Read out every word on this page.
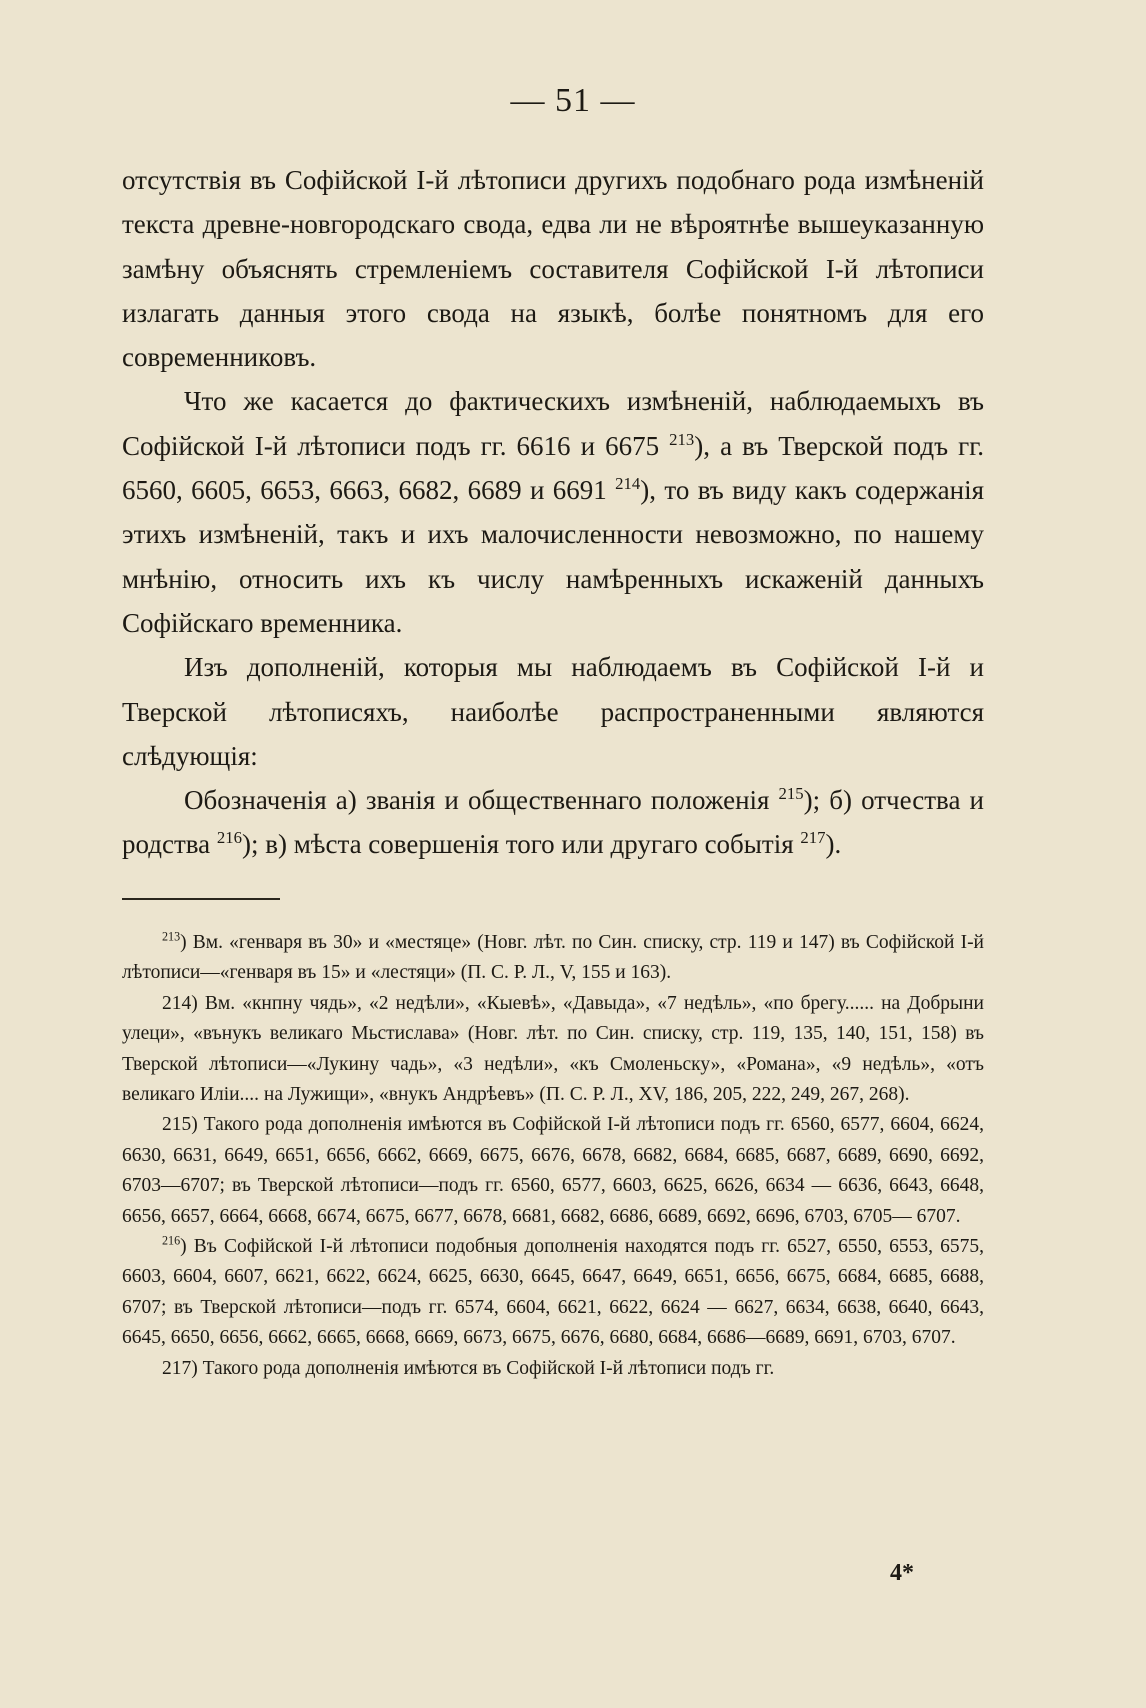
— 51 —

отсутствія въ Софійской І-й лѣтописи другихъ подобнаго рода измѣненій текста древне-новгородскаго свода, едва ли не вѣроятнѣе вышеуказанную замѣну объяснять стремленіемъ составителя Софійской І-й лѣтописи излагать данныя этого свода на языкѣ, болѣе понятномъ для его современниковъ.

Что же касается до фактическихъ измѣненій, наблюдаемыхъ въ Софійской І-й лѣтописи подъ гг. 6616 и 6675 $^{213}$), а въ Тверской подъ гг. 6560, 6605, 6653, 6663, 6682, 6689 и 6691 $^{214}$), то въ виду какъ содержанія этихъ измѣненій, такъ и ихъ малочисленности невозможно, по нашему мнѣнію, относить ихъ къ числу намѣренныхъ искаженій данныхъ Софійскаго временника.

Изъ дополненій, которыя мы наблюдаемъ въ Софійской І-й и Тверской лѣтописяхъ, наиболѣе распространенными являются слѣдующія:

Обозначенія а) званія и общественнаго положенія $^{215}$); б) отчества и родства $^{216}$); в) мѣста совершенія того или другаго событія $^{217}$).

$^{213}$) Вм. «генваря въ 30» и «местяце» (Новг. лѣт. по Син. списку, стр. 119 и 147) въ Софійской І-й лѣтописи—«генваря въ 15» и «лестяци» (П. С. Р. Л., V, 155 и 163).

214) Вм. «кнпну чядь», «2 недѣли», «Кыевѣ», «Давыда», «7 недѣль», «по брегу...... на Добрыни улеци», «вънукъ великаго Мьстислава» (Новг. лѣт. по Син. списку, стр. 119, 135, 140, 151, 158) въ Тверской лѣтописи—«Лукину чадь», «3 недѣли», «къ Смоленьску», «Романа», «9 недѣль», «отъ великаго Иліи.... на Лужищи», «внукъ Андрѣевъ» (П. С. Р. Л., XV, 186, 205, 222, 249, 267, 268).

215) Такого рода дополненія имѣются въ Софійской І-й лѣтописи подъ гг. 6560, 6577, 6604, 6624, 6630, 6631, 6649, 6651, 6656, 6662, 6669, 6675, 6676, 6678, 6682, 6684, 6685, 6687, 6689, 6690, 6692, 6703—6707; въ Тверской лѣтописи—подъ гг. 6560, 6577, 6603, 6625, 6626, 6634 — 6636, 6643, 6648, 6656, 6657, 6664, 6668, 6674, 6675, 6677, 6678, 6681, 6682, 6686, 6689, 6692, 6696, 6703, 6705— 6707.

$^{216}$) Въ Софійской І-й лѣтописи подобныя дополненія находятся подъ гг. 6527, 6550, 6553, 6575, 6603, 6604, 6607, 6621, 6622, 6624, 6625, 6630, 6645, 6647, 6649, 6651, 6656, 6675, 6684, 6685, 6688, 6707; въ Тверской лѣтописи—подъ гг. 6574, 6604, 6621, 6622, 6624 — 6627, 6634, 6638, 6640, 6643, 6645, 6650, 6656, 6662, 6665, 6668, 6669, 6673, 6675, 6676, 6680, 6684, 6686—6689, 6691, 6703, 6707.

217) Такого рода дополненія имѣются въ Софійской І-й лѣтописи подъ гг.

4*
